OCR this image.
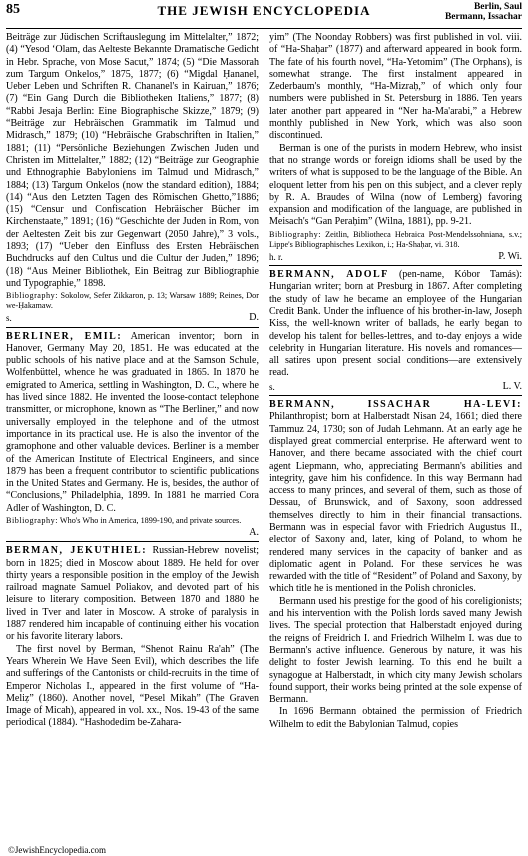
85	THE JEWISH ENCYCLOPEDIA	Berlin, Saul
Bermann, Issachar

Beiträge zur Jüdischen Scriftauslegung im Mittelalter,” 1872; (4) “Yesod ‘Olam, das Aelteste Bekannte Dramatische Gedicht in Hebr. Sprache, von Mose Sacut,” 1874; (5) “Die Massorah zum Targum Onkelos,” 1875, 1877; (6) “Migdal Ḥananel, Ueber Leben und Schriften R. Chananel's in Kairuan,” 1876; (7) “Ein Gang Durch die Bibliotheken Italiens,” 1877; (8) “Rabbi Jesaja Berlin: Eine Biographische Skizze,” 1879; (9) “Beiträge zur Hebräischen Grammatik im Talmud und Midrasch,” 1879; (10) “Hebräische Grabschriften in Italien,” 1881; (11) “Persönliche Beziehungen Zwischen Juden und Christen im Mittelalter,” 1882; (12) “Beiträge zur Geographie und Ethnographie Babyloniens im Talmud und Midrasch,” 1884; (13) Targum Onkelos (now the standard edition), 1884; (14) “Aus den Letzten Tagen des Römischen Ghetto,”1886; (15) “Censur und Confiscation Hebräischer Bücher im Kirchenstaate,” 1891; (16) “Geschichte der Juden in Rom, von der Aeltesten Zeit bis zur Gegenwart (2050 Jahre),” 3 vols., 1893; (17) “Ueber den Einfluss des Ersten Hebräischen Buchdrucks auf den Cultus und die Cultur der Juden,” 1896; (18) “Aus Meiner Bibliothek, Ein Beitrag zur Bibliographie und Typographie,” 1898.

Bibliography: Sokolow, Sefer Zikkaron, p. 13; Warsaw 1889; Reines, Dor we-Ḥakamaw.

s.	D.

BERLINER, EMIL: American inventor; born in Hanover, Germany May 20, 1851. He was educated at the public schools of his native place and at the Samson Schule, Wolfenbüttel, whence he was graduated in 1865. In 1870 he emigrated to America, settling in Washington, D. C., where he has lived since 1882. He invented the loose-contact telephone transmitter, or microphone, known as “The Berliner,” and now universally employed in the telephone and of the utmost importance in its practical use. He is also the inventor of the gramophone and other valuable devices. Berliner is a member of the American Institute of Electrical Engineers, and since 1879 has been a frequent contributor to scientific publications in the United States and Germany. He is, besides, the author of “Conclusions,” Philadelphia, 1899. In 1881 he married Cora Adler of Washington, D. C.

Bibliography: Who's Who in America, 1899-190, and private sources.

A.

BERMAN, JEKUTHIEL: Russian-Hebrew novelist; born in 1825; died in Moscow about 1889. He held for over thirty years a responsible position in the employ of the Jewish railroad magnate Samuel Poliakov, and devoted part of his leisure to literary composition. Between 1870 and 1880 he lived in Tver and later in Moscow. A stroke of paralysis in 1887 rendered him incapable of continuing either his vocation or his favorite literary labors.

The first novel by Berman, “Shenot Rainu Ra'ah” (The Years Wherein We Have Seen Evil), which describes the life and sufferings of the Cantonists or child-recruits in the time of Emperor Nicholas I., appeared in the first volume of “Ha-Meliẓ” (1860). Another novel, “Pesel Mikah” (The Graven Image of Micah), appeared in vol. xx., Nos. 19-43 of the same periodical (1884). “Hashodedim be-Zahara-

yim” (The Noonday Robbers) was first published in vol. viii. of “Ha-Shaḥar” (1877) and afterward appeared in book form. The fate of his fourth novel, “Ha-Yetomim” (The Orphans), is somewhat strange. The first instalment appeared in Zederbaum's monthly, “Ha-Mizraḥ,” of which only four numbers were published in St. Petersburg in 1886. Ten years later another part appeared in “Ner ha-Ma'arabi,” a Hebrew monthly published in New York, which was also soon discontinued.

Berman is one of the purists in modern Hebrew, who insist that no strange words or foreign idioms shall be used by the writers of what is supposed to be the language of the Bible. An eloquent letter from his pen on this subject, and a clever reply by R. A. Braudes of Wilna (now of Lemberg) favoring expansion and modification of the language, are published in Meisach's “Gan Peraḥim” (Wilna, 1881), pp. 9-21.

Bibliography: Zeitlin, Bibliotheca Hebraica Post-Mendelssohniana, s.v.; Lippe's Bibliographisches Lexikon, i.; Ha-Shaḥar, vi. 318.

h. r.	P. Wi.

BERMANN, ADOLF (pen-name, Kóbor Tamás): Hungarian writer; born at Presburg in 1867. After completing the study of law he became an employee of the Hungarian Credit Bank. Under the influence of his brother-in-law, Joseph Kiss, the well-known writer of ballads, he early began to develop his talent for belles-lettres, and to-day enjoys a wide celebrity in Hungarian literature. His novels and romances—all satires upon present social conditions—are extensively read.

s.	L. V.

BERMANN, ISSACHAR HA-LEVI: Philanthropist; born at Halberstadt Nisan 24, 1661; died there Tammuz 24, 1730; son of Judah Lehmann. At an early age he displayed great commercial enterprise. He afterward went to Hanover, and there became associated with the chief court agent Liepmann, who, appreciating Bermann's abilities and integrity, gave him his confidence. In this way Bermann had access to many princes, and several of them, such as those of Dessau, of Brunswick, and of Saxony, soon addressed themselves directly to him in their financial transactions. Bermann was in especial favor with Friedrich Augustus II., elector of Saxony and, later, king of Poland, to whom he rendered many services in the capacity of banker and as diplomatic agent in Poland. For these services he was rewarded with the title of “Resident” of Poland and Saxony, by which title he is mentioned in the Polish chronicles.

Bermann used his prestige for the good of his coreligionists; and his intervention with the Polish lords saved many Jewish lives. The special protection that Halberstadt enjoyed during the reigns of Freidrich I. and Friedrich Wilhelm I. was due to Bermann's active influence. Generous by nature, it was his delight to foster Jewish learning. To this end he built a synagogue at Halberstadt, in which city many Jewish scholars found support, their works being printed at the sole expense of Bermann.

In 1696 Bermann obtained the permission of Friedrich Wilhelm to edit the Babylonian Talmud, copies

©JewishEncyclopedia.com
